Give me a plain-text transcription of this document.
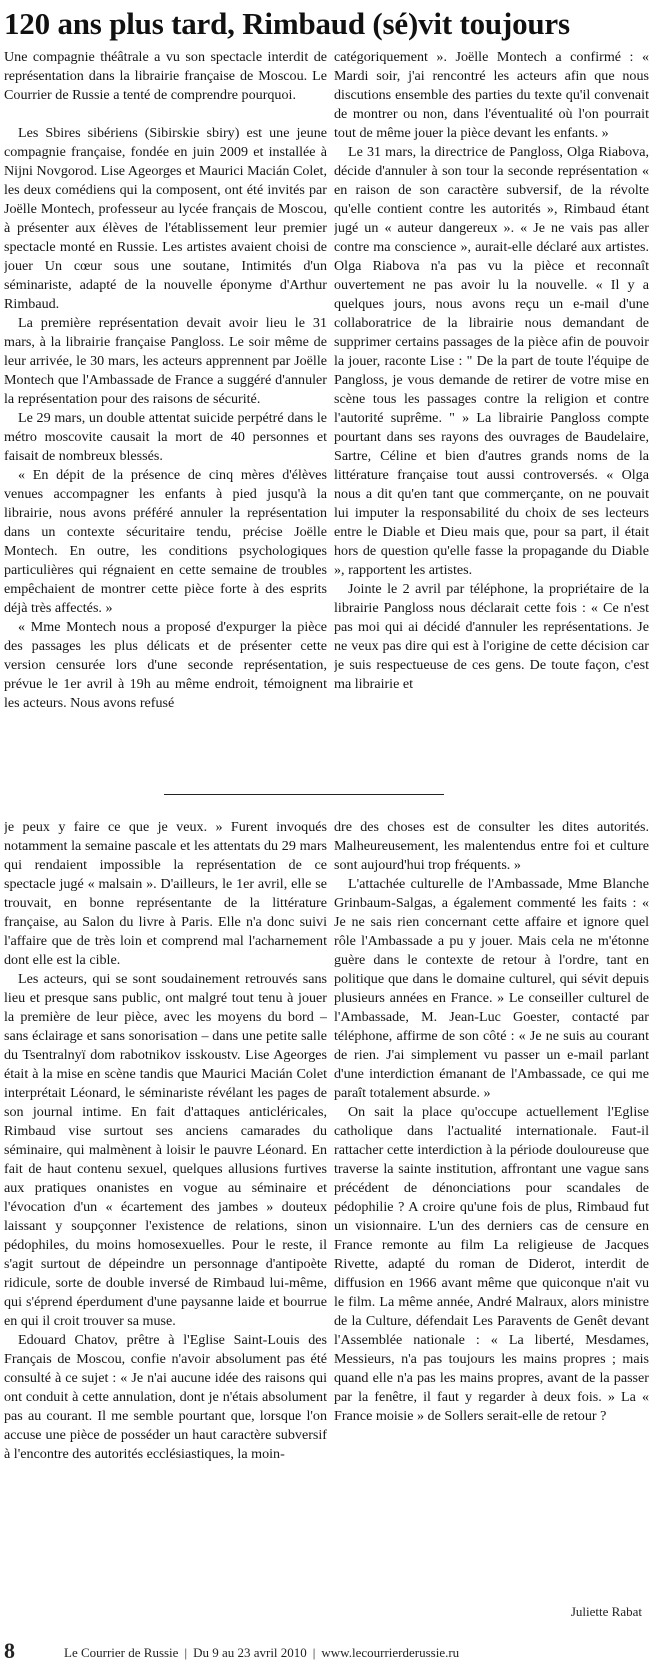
120 ans plus tard, Rimbaud (sé)vit toujours

Une compagnie théâtrale a vu son spectacle interdit de représentation dans la librairie française de Moscou. Le Courrier de Russie a tenté de comprendre pourquoi.

Les Sbires sibériens (Sibirskie sbiry) est une jeune compagnie française, fondée en juin 2009 et installée à Nijni Novgorod. Lise Ageorges et Maurici Macián Colet, les deux comédiens qui la composent, ont été invités par Joëlle Montech, professeur au lycée français de Moscou, à présenter aux élèves de l'établissement leur premier spectacle monté en Russie. Les artistes avaient choisi de jouer Un cœur sous une soutane, Intimités d'un séminariste, adapté de la nouvelle éponyme d'Arthur Rimbaud.

La première représentation devait avoir lieu le 31 mars, à la librairie française Pangloss. Le soir même de leur arrivée, le 30 mars, les acteurs apprennent par Joëlle Montech que l'Ambassade de France a suggéré d'annuler la représentation pour des raisons de sécurité.

Le 29 mars, un double attentat suicide perpétré dans le métro moscovite causait la mort de 40 personnes et faisait de nombreux blessés.

« En dépit de la présence de cinq mères d'élèves venues accompagner les enfants à pied jusqu'à la librairie, nous avons préféré annuler la représentation dans un contexte sécuritaire tendu, précise Joëlle Montech. En outre, les conditions psychologiques particulières qui régnaient en cette semaine de troubles empêchaient de montrer cette pièce forte à des esprits déjà très affectés. »

« Mme Montech nous a proposé d'expurger la pièce des passages les plus délicats et de présenter cette version censurée lors d'une seconde représentation, prévue le 1er avril à 19h au même endroit, témoignent les acteurs. Nous avons refusé

catégoriquement ». Joëlle Montech a confirmé : « Mardi soir, j'ai rencontré les acteurs afin que nous discutions ensemble des parties du texte qu'il convenait de montrer ou non, dans l'éventualité où l'on pourrait tout de même jouer la pièce devant les enfants. »

Le 31 mars, la directrice de Pangloss, Olga Riabova, décide d'annuler à son tour la seconde représentation « en raison de son caractère subversif, de la révolte qu'elle contient contre les autorités », Rimbaud étant jugé un « auteur dangereux ». « Je ne vais pas aller contre ma conscience », aurait-elle déclaré aux artistes. Olga Riabova n'a pas vu la pièce et reconnaît ouvertement ne pas avoir lu la nouvelle. « Il y a quelques jours, nous avons reçu un e-mail d'une collaboratrice de la librairie nous demandant de supprimer certains passages de la pièce afin de pouvoir la jouer, raconte Lise : " De la part de toute l'équipe de Pangloss, je vous demande de retirer de votre mise en scène tous les passages contre la religion et contre l'autorité suprême. " » La librairie Pangloss compte pourtant dans ses rayons des ouvrages de Baudelaire, Sartre, Céline et bien d'autres grands noms de la littérature française tout aussi controversés. « Olga nous a dit qu'en tant que commerçante, on ne pouvait lui imputer la responsabilité du choix de ses lecteurs entre le Diable et Dieu mais que, pour sa part, il était hors de question qu'elle fasse la propagande du Diable », rapportent les artistes.

Jointe le 2 avril par téléphone, la propriétaire de la librairie Pangloss nous déclarait cette fois : « Ce n'est pas moi qui ai décidé d'annuler les représentations. Je ne veux pas dire qui est à l'origine de cette décision car je suis respectueuse de ces gens. De toute façon, c'est ma librairie et

je peux y faire ce que je veux. » Furent invoqués notamment la semaine pascale et les attentats du 29 mars qui rendaient impossible la représentation de ce spectacle jugé « malsain ». D'ailleurs, le 1er avril, elle se trouvait, en bonne représentante de la littérature française, au Salon du livre à Paris. Elle n'a donc suivi l'affaire que de très loin et comprend mal l'acharnement dont elle est la cible.

Les acteurs, qui se sont soudainement retrouvés sans lieu et presque sans public, ont malgré tout tenu à jouer la première de leur pièce, avec les moyens du bord – sans éclairage et sans sonorisation – dans une petite salle du Tsentralnyï dom rabotnikov isskoustv. Lise Ageorges était à la mise en scène tandis que Maurici Macián Colet interprétait Léonard, le séminariste révélant les pages de son journal intime. En fait d'attaques anticléricales, Rimbaud vise surtout ses anciens camarades du séminaire, qui malmènent à loisir le pauvre Léonard. En fait de haut contenu sexuel, quelques allusions furtives aux pratiques onanistes en vogue au séminaire et l'évocation d'un « écartement des jambes » douteux laissant y soupçonner l'existence de relations, sinon pédophiles, du moins homosexuelles. Pour le reste, il s'agit surtout de dépeindre un personnage d'antipoète ridicule, sorte de double inversé de Rimbaud lui-même, qui s'éprend éperdument d'une paysanne laide et bourrue en qui il croit trouver sa muse.

Edouard Chatov, prêtre à l'Eglise Saint-Louis des Français de Moscou, confie n'avoir absolument pas été consulté à ce sujet : « Je n'ai aucune idée des raisons qui ont conduit à cette annulation, dont je n'étais absolument pas au courant. Il me semble pourtant que, lorsque l'on accuse une pièce de posséder un haut caractère subversif à l'encontre des autorités ecclésiastiques, la moin-

dre des choses est de consulter les dites autorités. Malheureusement, les malentendus entre foi et culture sont aujourd'hui trop fréquents. »

L'attachée culturelle de l'Ambassade, Mme Blanche Grinbaum-Salgas, a également commenté les faits : « Je ne sais rien concernant cette affaire et ignore quel rôle l'Ambassade a pu y jouer. Mais cela ne m'étonne guère dans le contexte de retour à l'ordre, tant en politique que dans le domaine culturel, qui sévit depuis plusieurs années en France. » Le conseiller culturel de l'Ambassade, M. Jean-Luc Goester, contacté par téléphone, affirme de son côté : « Je ne suis au courant de rien. J'ai simplement vu passer un e-mail parlant d'une interdiction émanant de l'Ambassade, ce qui me paraît totalement absurde. »

On sait la place qu'occupe actuellement l'Eglise catholique dans l'actualité internationale. Faut-il rattacher cette interdiction à la période douloureuse que traverse la sainte institution, affrontant une vague sans précédent de dénonciations pour scandales de pédophilie ? A croire qu'une fois de plus, Rimbaud fut un visionnaire. L'un des derniers cas de censure en France remonte au film La religieuse de Jacques Rivette, adapté du roman de Diderot, interdit de diffusion en 1966 avant même que quiconque n'ait vu le film. La même année, André Malraux, alors ministre de la Culture, défendait Les Paravents de Genêt devant l'Assemblée nationale : « La liberté, Mesdames, Messieurs, n'a pas toujours les mains propres ; mais quand elle n'a pas les mains propres, avant de la passer par la fenêtre, il faut y regarder à deux fois. » La « France moisie » de Sollers serait-elle de retour ?

Juliette Rabat
8	Le Courrier de Russie | Du 9 au 23 avril 2010 | www.lecourrierderussie.ru
